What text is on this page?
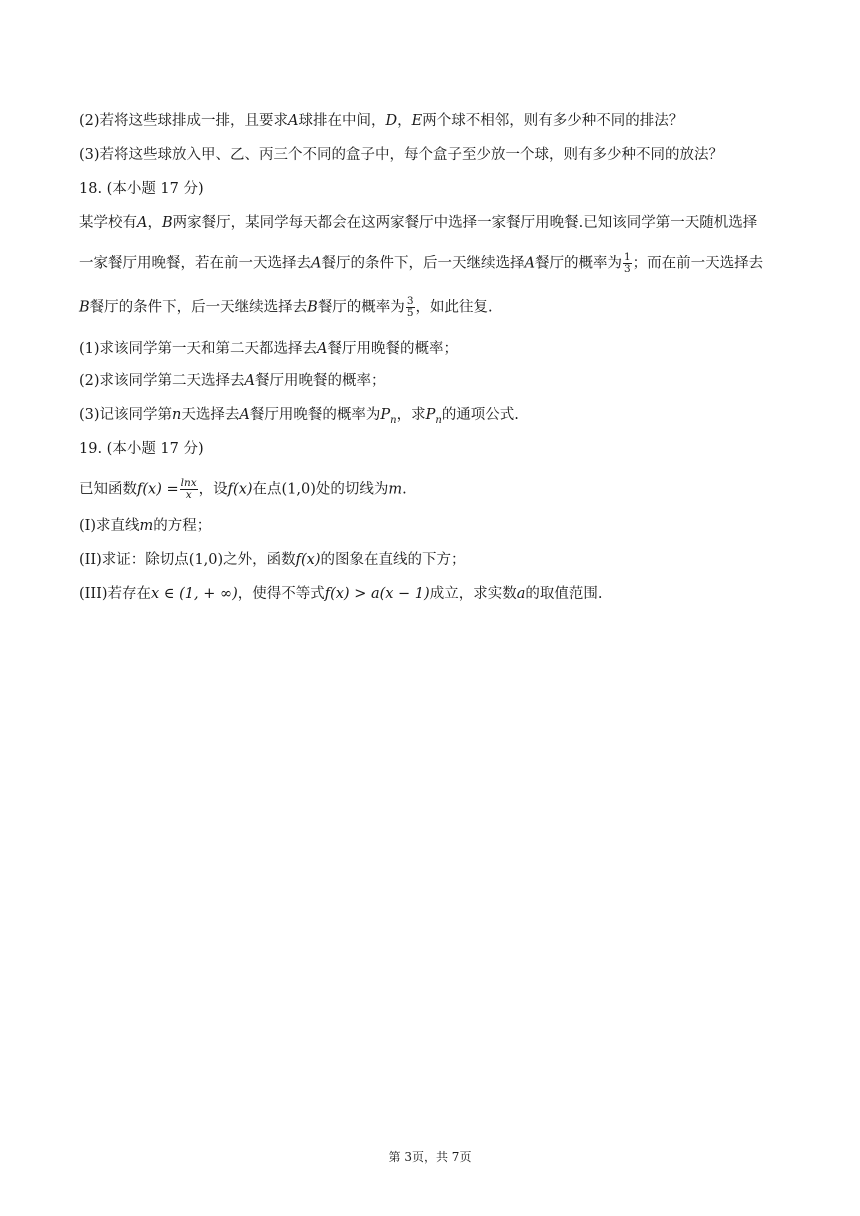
(2)若将这些球排成一排，且要求A球排在中间，D，E两个球不相邻，则有多少种不同的排法？
(3)若将这些球放入甲、乙、丙三个不同的盒子中，每个盒子至少放一个球，则有多少种不同的放法？
18. (本小题 17 分)
某学校有A，B两家餐厅，某同学每天都会在这两家餐厅中选择一家餐厅用晚餐.已知该同学第一天随机选择
一家餐厅用晚餐，若在前一天选择去A餐厅的条件下，后一天继续选择A餐厅的概率为 $\frac{1}{3}$ ；而在前一天选择去
B餐厅的条件下，后一天继续选择去B餐厅的概率为 $\frac{3}{5}$ ，如此往复.
(1)求该同学第一天和第二天都选择去A餐厅用晚餐的概率；
(2)求该同学第二天选择去A餐厅用晚餐的概率；
(3)记该同学第n天选择去A餐厅用晚餐的概率为$P_n$，求$P_n$的通项公式.
19. (本小题 17 分)
已知函数$f(x) = \frac{\ln x}{x}$ ，设f(x)在点(1,0)处的切线为m.
(I)求直线m的方程；
(II)求证：除切点(1,0)之外，函数f(x)的图象在直线的下方；
(III)若存在x ∈ (1, + ∞)，使得不等式f(x) > a(x − 1)成立，求实数a的取值范围.
第 3页，共 7页
